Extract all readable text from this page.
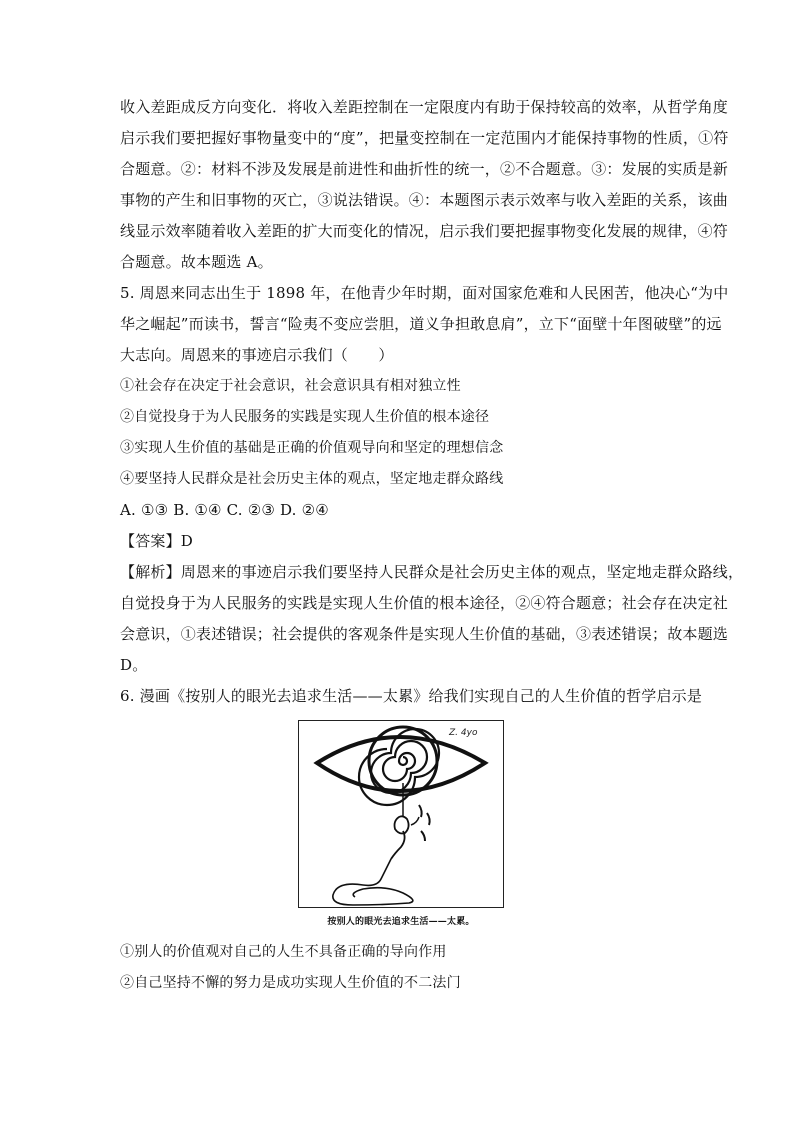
收入差距成反方向变化．将收入差距控制在一定限度内有助于保持较高的效率，从哲学角度
启示我们要把握好事物量变中的“度”，把量变控制在一定范围内才能保持事物的性质，①符
合题意。②：材料不涉及发展是前进性和曲折性的统一，②不合题意。③：发展的实质是新
事物的产生和旧事物的灭亡，③说法错误。④：本题图示表示效率与收入差距的关系，该曲
线显示效率随着收入差距的扩大而变化的情况，启示我们要把握事物变化发展的规律，④符
合题意。故本题选 A。
5. 周恩来同志出生于 1898 年，在他青少年时期，面对国家危难和人民困苦，他决心“为中
华之崛起”而读书，誓言“险夷不变应尝胆，道义争担敢息肩”，立下“面壁十年图破壁”的远
大志向。周恩来的事迹启示我们（　　）
①社会存在决定于社会意识，社会意识具有相对独立性
②自觉投身于为人民服务的实践是实现人生价值的根本途径
③实现人生价值的基础是正确的价值观导向和坚定的理想信念
④要坚持人民群众是社会历史主体的观点，坚定地走群众路线
A. ①③ B. ①④ C. ②③ D. ②④
【答案】D
【解析】周恩来的事迹启示我们要坚持人民群众是社会历史主体的观点，坚定地走群众路线，
自觉投身于为人民服务的实践是实现人生价值的根本途径，②④符合题意；社会存在决定社
会意识，①表述错误；社会提供的客观条件是实现人生价值的基础，③表述错误；故本题选
D。
6. 漫画《按别人的眼光去追求生活——太累》给我们实现自己的人生价值的哲学启示是
Z. 4yo
按别人的眼光去追求生活——太累。
①别人的价值观对自己的人生不具备正确的导向作用
②自己坚持不懈的努力是成功实现人生价值的不二法门
